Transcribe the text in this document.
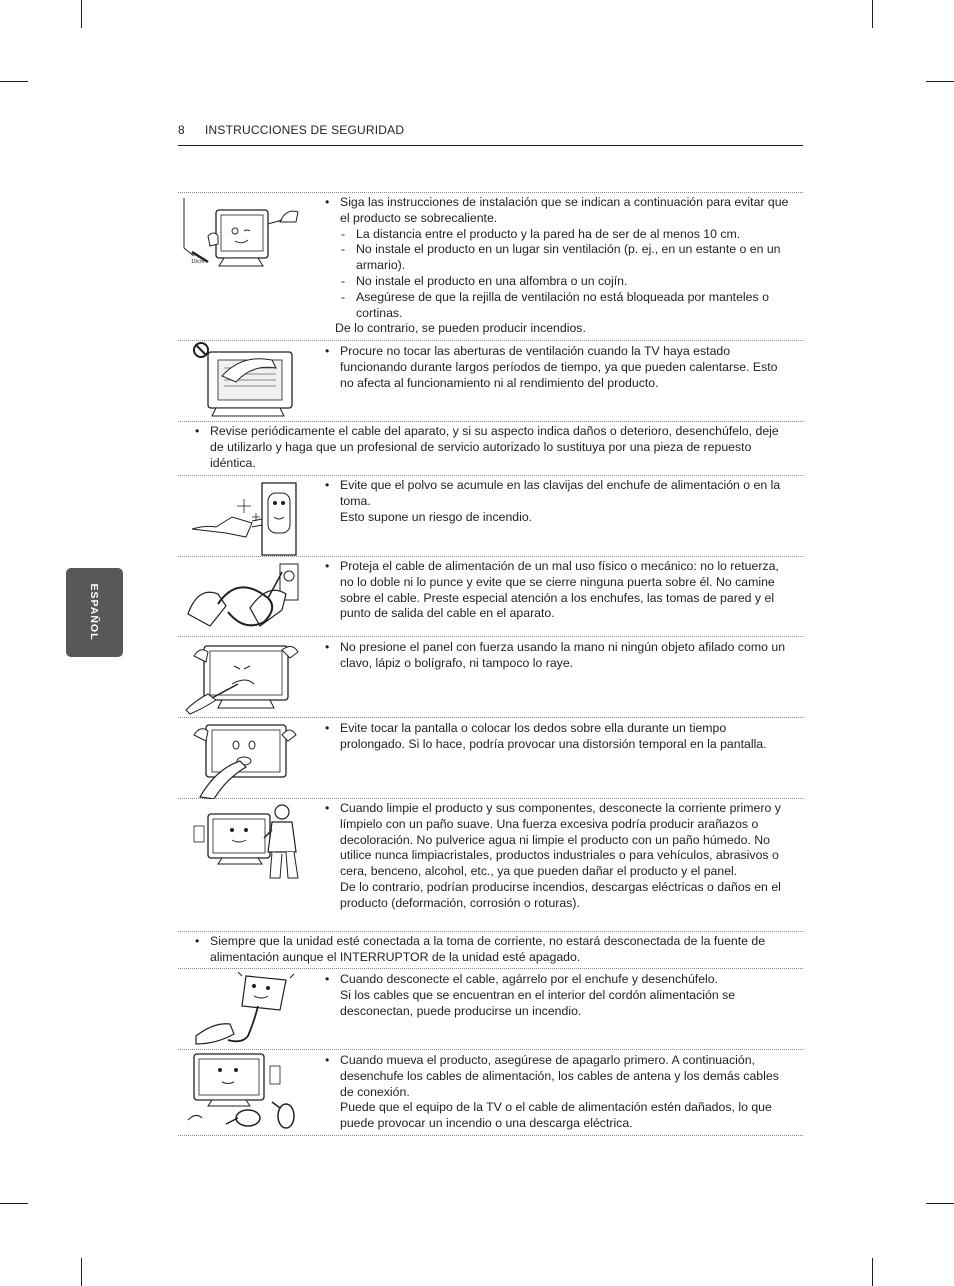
8 INSTRUCCIONES DE SEGURIDAD
ESPAÑOL
10cm
• Siga las instrucciones de instalación que se indican a continuación para evitar que el producto se sobrecaliente.
- La distancia entre el producto y la pared ha de ser de al menos 10 cm.
- No instale el producto en un lugar sin ventilación (p. ej., en un estante o en un armario).
- No instale el producto en una alfombra o un cojín.
- Asegúrese de que la rejilla de ventilación no está bloqueada por manteles o cortinas.
De lo contrario, se pueden producir incendios.
• Procure no tocar las aberturas de ventilación cuando la TV haya estado funcionando durante largos períodos de tiempo, ya que pueden calentarse. Esto no afecta al funcionamiento ni al rendimiento del producto.
• Revise periódicamente el cable del aparato, y si su aspecto indica daños o deterioro, desenchúfelo, deje de utilizarlo y haga que un profesional de servicio autorizado lo sustituya por una pieza de repuesto idéntica.
• Evite que el polvo se acumule en las clavijas del enchufe de alimentación o en la toma.
Esto supone un riesgo de incendio.
• Proteja el cable de alimentación de un mal uso físico o mecánico: no lo retuerza, no lo doble ni lo punce y evite que se cierre ninguna puerta sobre él. No camine sobre el cable. Preste especial atención a los enchufes, las tomas de pared y el punto de salida del cable en el aparato.
• No presione el panel con fuerza usando la mano ni ningún objeto afilado como un clavo, lápiz o bolígrafo, ni tampoco lo raye.
• Evite tocar la pantalla o colocar los dedos sobre ella durante un tiempo prolongado. Si lo hace, podría provocar una distorsión temporal en la pantalla.
• Cuando limpie el producto y sus componentes, desconecte la corriente primero y límpielo con un paño suave. Una fuerza excesiva podría producir arañazos o decoloración. No pulverice agua ni limpie el producto con un paño húmedo. No utilice nunca limpiacristales, productos industriales o para vehículos, abrasivos o cera, benceno, alcohol, etc., ya que pueden dañar el producto y el panel.
De lo contrario, podrían producirse incendios, descargas eléctricas o daños en el producto (deformación, corrosión o roturas).
• Siempre que la unidad esté conectada a la toma de corriente, no estará desconectada de la fuente de alimentación aunque el INTERRUPTOR de la unidad esté apagado.
• Cuando desconecte el cable, agárrelo por el enchufe y desenchúfelo.
Si los cables que se encuentran en el interior del cordón alimentación se desconectan, puede producirse un incendio.
• Cuando mueva el producto, asegúrese de apagarlo primero. A continuación, desenchufe los cables de alimentación, los cables de antena y los demás cables de conexión.
Puede que el equipo de la TV o el cable de alimentación estén dañados, lo que puede provocar un incendio o una descarga eléctrica.
